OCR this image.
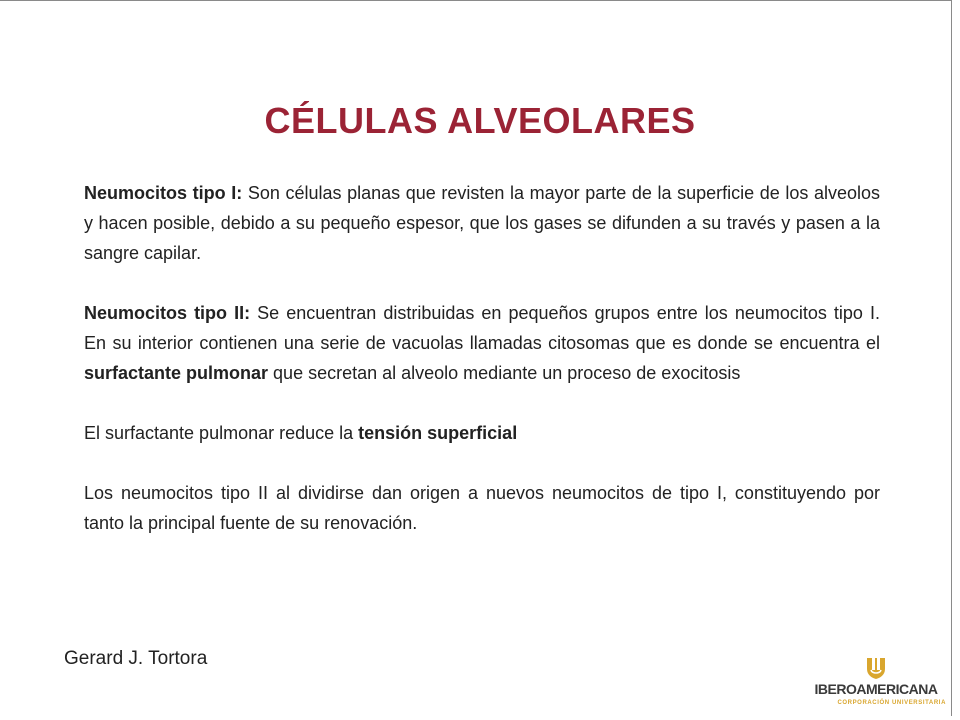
CÉLULAS ALVEOLARES

Neumocitos tipo I: Son células planas que revisten la mayor parte de la superficie de los alveolos y hacen posible, debido a su pequeño espesor, que los gases se difunden a su través y pasen a la sangre capilar.

Neumocitos tipo II: Se encuentran distribuidas en pequeños grupos entre los neumocitos tipo I. En su interior contienen una serie de vacuolas llamadas citosomas que es donde se encuentra el surfactante pulmonar que secretan al alveolo mediante un proceso de exocitosis

El surfactante pulmonar reduce la tensión superficial

Los neumocitos tipo II al dividirse dan origen a nuevos neumocitos de tipo I, constituyendo por tanto la principal fuente de su renovación.

Gerard J. Tortora
IBEROAMERICANA
CORPORACIÓN UNIVERSITARIA
